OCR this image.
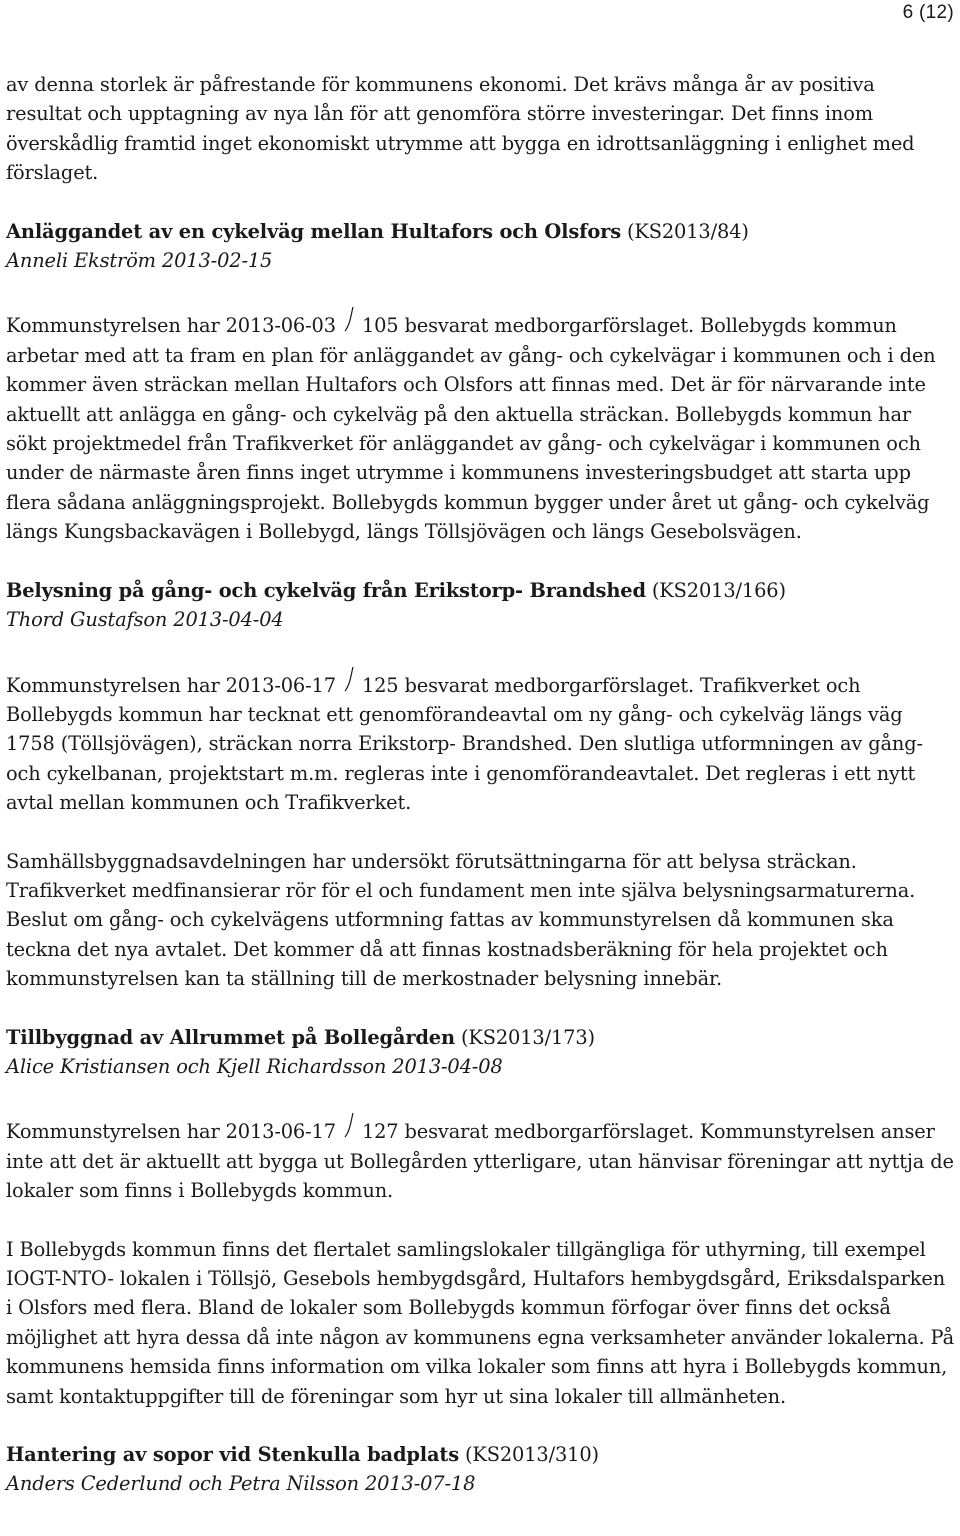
6 (12)

av denna storlek är påfrestande för kommunens ekonomi. Det krävs många år av positiva resultat och upptagning av nya lån för att genomföra större investeringar. Det finns inom överskådlig framtid inget ekonomiskt utrymme att bygga en idrottsanläggning i enlighet med förslaget.

Anläggandet av en cykelväg mellan Hultafors och Olsfors (KS2013/84)

Anneli Ekström 2013-02-15

Kommunstyrelsen har 2013-06-03 105 besvarat medborgarförslaget. Bollebygds kommun arbetar med att ta fram en plan för anläggandet av gång- och cykelvägar i kommunen och i den kommer även sträckan mellan Hultafors och Olsfors att finnas med. Det är för närvarande inte aktuellt att anlägga en gång- och cykelväg på den aktuella sträckan. Bollebygds kommun har sökt projektmedel från Trafikverket för anläggandet av gång- och cykelvägar i kommunen och under de närmaste åren finns inget utrymme i kommunens investeringsbudget att starta upp flera sådana anläggningsprojekt. Bollebygds kommun bygger under året ut gång- och cykelväg längs Kungsbackavägen i Bollebygd, längs Töllsjövägen och längs Gesebolsvägen.

Belysning på gång- och cykelväg från Erikstorp- Brandshed (KS2013/166)

Thord Gustafson 2013-04-04

Kommunstyrelsen har 2013-06-17 125 besvarat medborgarförslaget. Trafikverket och Bollebygds kommun har tecknat ett genomförandeavtal om ny gång- och cykelväg längs väg 1758 (Töllsjövägen), sträckan norra Erikstorp- Brandshed. Den slutliga utformningen av gång- och cykelbanan, projektstart m.m. regleras inte i genomförandeavtalet. Det regleras i ett nytt avtal mellan kommunen och Trafikverket.

Samhällsbyggnadsavdelningen har undersökt förutsättningarna för att belysa sträckan. Trafikverket medfinansierar rör för el och fundament men inte själva belysningsarmaturerna. Beslut om gång- och cykelvägens utformning fattas av kommunstyrelsen då kommunen ska teckna det nya avtalet. Det kommer då att finnas kostnadsberäkning för hela projektet och kommunstyrelsen kan ta ställning till de merkostnader belysning innebär.

Tillbyggnad av Allrummet på Bollegården (KS2013/173)

Alice Kristiansen och Kjell Richardsson 2013-04-08

Kommunstyrelsen har 2013-06-17 127 besvarat medborgarförslaget. Kommunstyrelsen anser inte att det är aktuellt att bygga ut Bollegården ytterligare, utan hänvisar föreningar att nyttja de lokaler som finns i Bollebygds kommun.

I Bollebygds kommun finns det flertalet samlingslokaler tillgängliga för uthyrning, till exempel IOGT-NTO- lokalen i Töllsjö, Gesebols hembygdsgård, Hultafors hembygdsgård, Eriksdalsparken i Olsfors med flera. Bland de lokaler som Bollebygds kommun förfogar över finns det också möjlighet att hyra dessa då inte någon av kommunens egna verksamheter använder lokalerna. På kommunens hemsida finns information om vilka lokaler som finns att hyra i Bollebygds kommun, samt kontaktuppgifter till de föreningar som hyr ut sina lokaler till allmänheten.

Hantering av sopor vid Stenkulla badplats (KS2013/310)

Anders Cederlund och Petra Nilsson 2013-07-18
